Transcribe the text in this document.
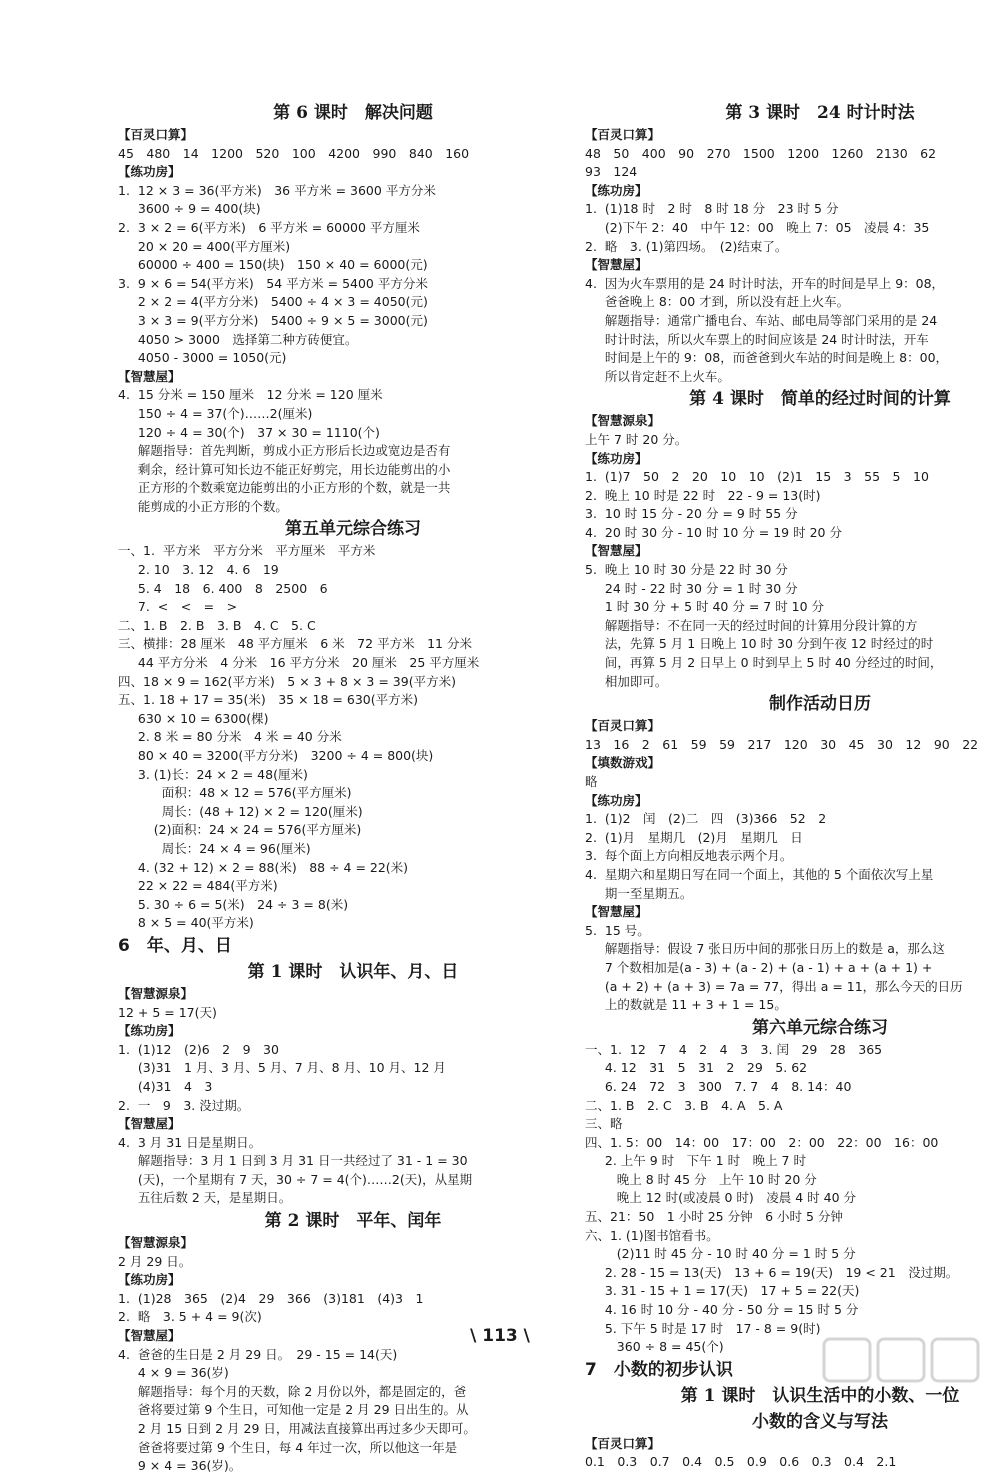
第 6 课时　解决问题
【百灵口算】
45　480　14　1200　520　100　4200　990　840　160
【练功房】
1.  12 × 3 = 36(平方米)　36 平方米 = 3600 平方分米
3600 ÷ 9 = 400(块)
2.  3 × 2 = 6(平方米)　6 平方米 = 60000 平方厘米
20 × 20 = 400(平方厘米)
60000 ÷ 400 = 150(块)　150 × 40 = 6000(元)
3.  9 × 6 = 54(平方米)　54 平方米 = 5400 平方分米
2 × 2 = 4(平方分米)　5400 ÷ 4 × 3 = 4050(元)
3 × 3 = 9(平方分米)　5400 ÷ 9 × 5 = 3000(元)
4050 > 3000　选择第二种方砖便宜。
4050 - 3000 = 1050(元)
【智慧屋】
4.  15 分米 = 150 厘米　12 分米 = 120 厘米
150 ÷ 4 = 37(个)……2(厘米)
120 ÷ 4 = 30(个)　37 × 30 = 1110(个)
解题指导：首先判断，剪成小正方形后长边或宽边是否有
剩余，经计算可知长边不能正好剪完，用长边能剪出的小
正方形的个数乘宽边能剪出的小正方形的个数，就是一共
能剪成的小正方形的个数。
第五单元综合练习
一、1.  平方米　平方分米　平方厘米　平方米
2. 10　3. 12　4. 6　19
5. 4　18　6. 400　8　2500　6
7.  <　<　=　>
二、1. B　2. B　3. B　4. C　5. C
三、横排：28 厘米　48 平方厘米　6 米　72 平方米　11 分米
44 平方分米　4 分米　16 平方分米　20 厘米　25 平方厘米
四、18 × 9 = 162(平方米)　5 × 3 + 8 × 3 = 39(平方米)
五、1. 18 + 17 = 35(米)　35 × 18 = 630(平方米)
630 × 10 = 6300(棵)
2. 8 米 = 80 分米　4 米 = 40 分米
80 × 40 = 3200(平方分米)　3200 ÷ 4 = 800(块)
3. (1)长：24 × 2 = 48(厘米)
面积：48 × 12 = 576(平方厘米)
周长：(48 + 12) × 2 = 120(厘米)
(2)面积：24 × 24 = 576(平方厘米)
周长：24 × 4 = 96(厘米)
4. (32 + 12) × 2 = 88(米)　88 ÷ 4 = 22(米)
22 × 22 = 484(平方米)
5. 30 ÷ 6 = 5(米)　24 ÷ 3 = 8(米)
8 × 5 = 40(平方米)
6　年、月、日
第 1 课时　认识年、月、日
【智慧源泉】
12 + 5 = 17(天)
【练功房】
1.  (1)12　(2)6　2　9　30
(3)31　1 月、3 月、5 月、7 月、8 月、10 月、12 月
(4)31　4　3
2.  一　9　3. 没过期。
【智慧屋】
4.  3 月 31 日是星期日。
解题指导：3 月 1 日到 3 月 31 日一共经过了 31 - 1 = 30
(天)，一个星期有 7 天，30 ÷ 7 = 4(个)……2(天)，从星期
五往后数 2 天，是星期日。
第 2 课时　平年、闰年
【智慧源泉】
2 月 29 日。
【练功房】
1.  (1)28　365　(2)4　29　366　(3)181　(4)3　1
2.  略　3. 5 + 4 = 9(次)
【智慧屋】
4.  爸爸的生日是 2 月 29 日。　29 - 15 = 14(天)
4 × 9 = 36(岁)
解题指导：每个月的天数，除 2 月份以外，都是固定的，爸
爸将要过第 9 个生日，可知他一定是 2 月 29 日出生的。从
2 月 15 日到 2 月 29 日，用减法直接算出再过多少天即可。
爸爸将要过第 9 个生日，每 4 年过一次，所以他这一年是
9 × 4 = 36(岁)。
第 3 课时　24 时计时法
【百灵口算】
48　50　400　90　270　1500　1200　1260　2130　62
93　124
【练功房】
1.  (1)18 时　2 时　8 时 18 分　23 时 5 分
(2)下午 2：40　中午 12：00　晚上 7：05　凌晨 4：35
2.  略　3. (1)第四场。　(2)结束了。
【智慧屋】
4.  因为火车票用的是 24 时计时法，开车的时间是早上 9：08，
爸爸晚上 8：00 才到，所以没有赶上火车。
解题指导：通常广播电台、车站、邮电局等部门采用的是 24
时计时法，所以火车票上的时间应该是 24 时计时法，开车
时间是上午的 9：08，而爸爸到火车站的时间是晚上 8：00，
所以肯定赶不上火车。
第 4 课时　简单的经过时间的计算
【智慧源泉】
上午 7 时 20 分。
【练功房】
1.  (1)7　50　2　20　10　10　(2)1　15　3　55　5　10
2.  晚上 10 时是 22 时　22 - 9 = 13(时)
3.  10 时 15 分 - 20 分 = 9 时 55 分
4.  20 时 30 分 - 10 时 10 分 = 19 时 20 分
【智慧屋】
5.  晚上 10 时 30 分是 22 时 30 分
24 时 - 22 时 30 分 = 1 时 30 分
1 时 30 分 + 5 时 40 分 = 7 时 10 分
解题指导：不在同一天的经过时间的计算用分段计算的方
法，先算 5 月 1 日晚上 10 时 30 分到午夜 12 时经过的时
间，再算 5 月 2 日早上 0 时到早上 5 时 40 分经过的时间，
相加即可。
制作活动日历
【百灵口算】
13　16　2　61　59　59　217　120　30　45　30　12　90　22
【填数游戏】
略
【练功房】
1.  (1)2　闰　(2)二　四　(3)366　52　2
2.  (1)月　星期几　(2)月　星期几　日
3.  每个面上方向相反地表示两个月。
4.  星期六和星期日写在同一个面上，其他的 5 个面依次写上星
期一至星期五。
【智慧屋】
5.  15 号。
解题指导：假设 7 张日历中间的那张日历上的数是 a，那么这
7 个数相加是(a - 3) + (a - 2) + (a - 1) + a + (a + 1) +
(a + 2) + (a + 3) = 7a = 77，得出 a = 11，那么今天的日历
上的数就是 11 + 3 + 1 = 15。
第六单元综合练习
一、1.  12　7　4　2　4　3　3. 闰　29　28　365
4. 12　31　5　31　2　29　5. 62
6. 24　72　3　300　7. 7　4　8. 14：40
二、1. B　2. C　3. B　4. A　5. A
三、略
四、1. 5：00　14：00　17：00　2：00　22：00　16：00
2. 上午 9 时　下午 1 时　晚上 7 时
晚上 8 时 45 分　上午 10 时 20 分
晚上 12 时(或凌晨 0 时)　凌晨 4 时 40 分
五、21：50　1 小时 25 分钟　6 小时 5 分钟
六、1. (1)图书馆看书。
(2)11 时 45 分 - 10 时 40 分 = 1 时 5 分
2. 28 - 15 = 13(天)　13 + 6 = 19(天)　19 < 21　没过期。
3. 31 - 15 + 1 = 17(天)　17 + 5 = 22(天)
4. 16 时 10 分 - 40 分 - 50 分 = 15 时 5 分
5. 下午 5 时是 17 时　17 - 8 = 9(时)
360 ÷ 8 = 45(个)
7　小数的初步认识
第 1 课时　认识生活中的小数、一位
小数的含义与写法
【百灵口算】
0.1　0.3　0.7　0.4　0.5　0.9　0.6　0.3　0.4　2.1
\ 113 \
